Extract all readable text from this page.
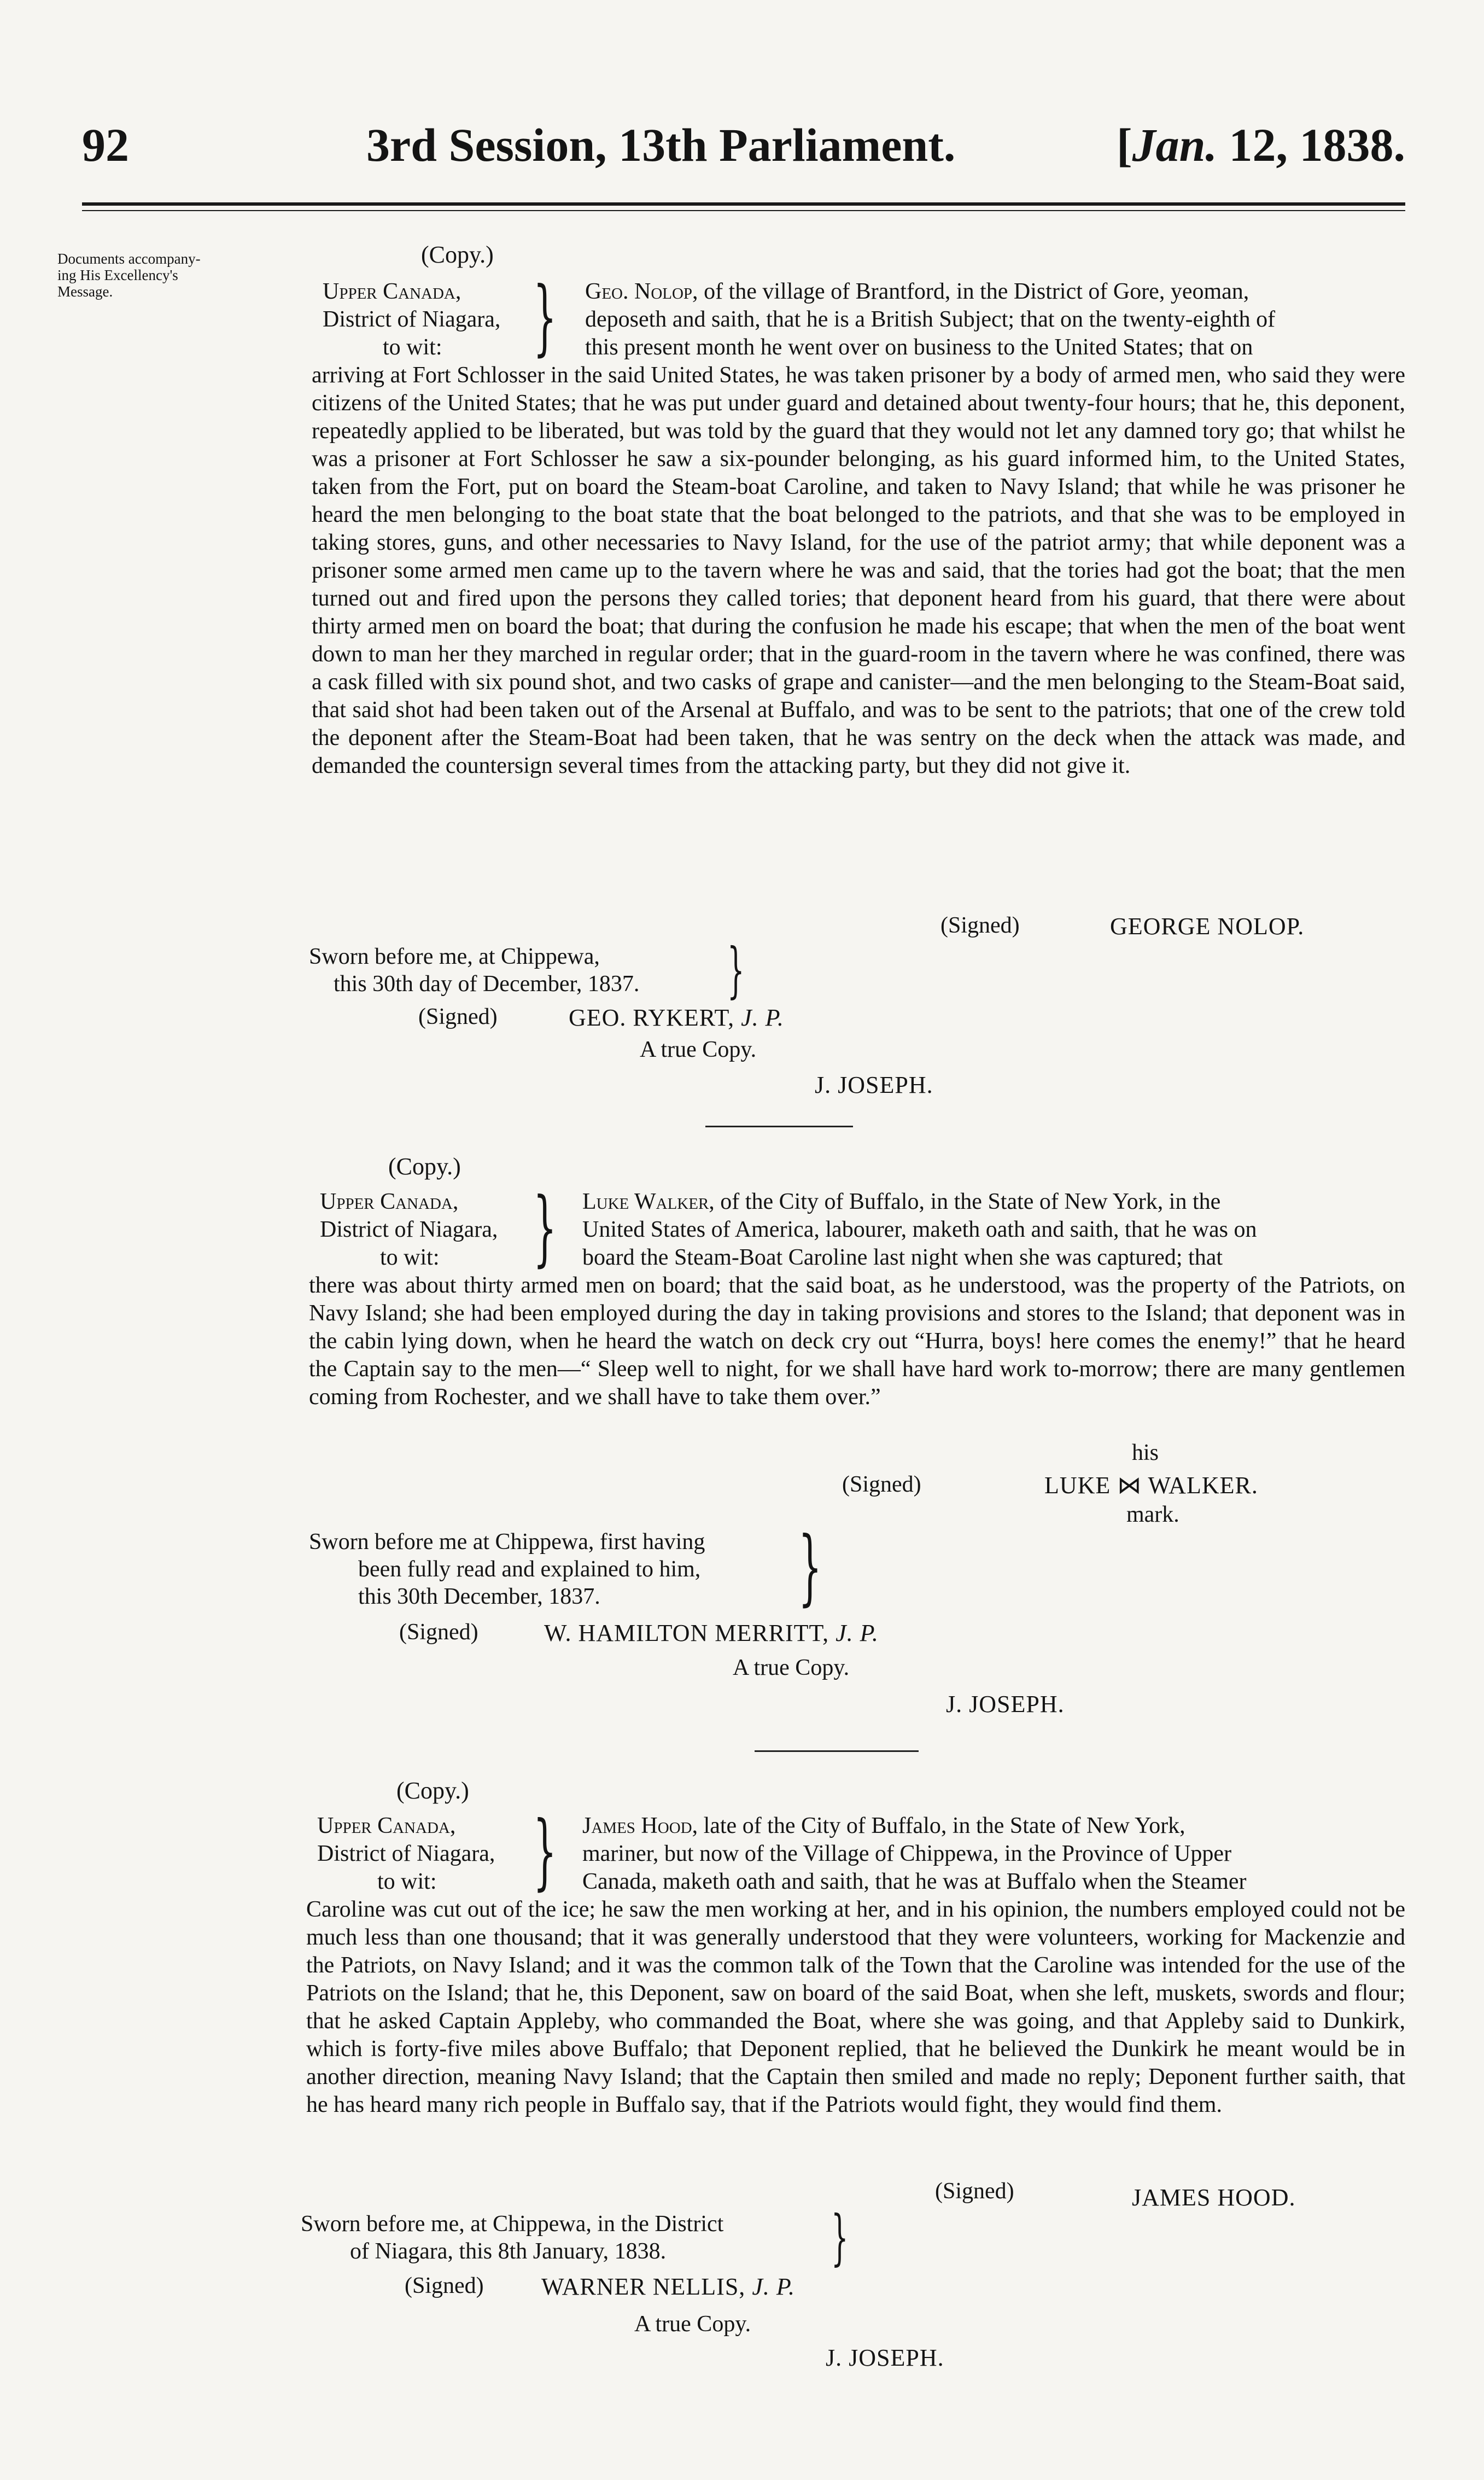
92	3rd Session, 13th Parliament.	[Jan. 12, 1838.
Documents accompany-
ing His Excellency's
Message.
(Copy.)
Upper Canada,
District of Niagara,
to wit:	} Geo. Nolop, of the village of Brantford, in the District of Gore, yeoman,
deposeth and saith, that he is a British Subject; that on the twenty-eighth of
this present month he went over on business to the United States; that on
arriving at Fort Schlosser in the said United States, he was taken prisoner by a body of armed men, who said they were citizens of the United States; that he was put under guard and detained about twenty-four hours; that he, this deponent, repeatedly applied to be liberated, but was told by the guard that they would not let any damned tory go; that whilst he was a prisoner at Fort Schlosser he saw a six-pounder belonging, as his guard informed him, to the United States, taken from the Fort, put on board the Steam-boat Caroline, and taken to Navy Island; that while he was prisoner he heard the men belonging to the boat state that the boat belonged to the patriots, and that she was to be employed in taking stores, guns, and other necessaries to Navy Island, for the use of the patriot army; that while deponent was a prisoner some armed men came up to the tavern where he was and said, that the tories had got the boat; that the men turned out and fired upon the persons they called tories; that deponent heard from his guard, that there were about thirty armed men on board the boat; that during the confusion he made his escape; that when the men of the boat went down to man her they marched in regular order; that in the guard-room in the tavern where he was confined, there was a cask filled with six pound shot, and two casks of grape and canister—and the men belonging to the Steam-Boat said, that said shot had been taken out of the Arsenal at Buffalo, and was to be sent to the patriots; that one of the crew told the deponent after the Steam-Boat had been taken, that he was sentry on the deck when the attack was made, and demanded the countersign several times from the attacking party, but they did not give it.
(Signed)	GEORGE NOLOP.
Sworn before me, at Chippewa,
this 30th day of December, 1837. }
(Signed)	GEO. RYKERT, J. P.
A true Copy.
J. JOSEPH.
(Copy.)
Upper Canada,
District of Niagara,
to wit:	} Luke Walker, of the City of Buffalo, in the State of New York, in the
United States of America, labourer, maketh oath and saith, that he was on
board the Steam-Boat Caroline last night when she was captured; that
there was about thirty armed men on board; that the said boat, as he understood, was the property of the Patriots, on Navy Island; she had been employed during the day in taking provisions and stores to the Island; that deponent was in the cabin lying down, when he heard the watch on deck cry out “Hurra, boys! here comes the enemy!” that he heard the Captain say to the men—“ Sleep well to night, for we shall have hard work to-morrow; there are many gentlemen coming from Rochester, and we shall have to take them over.”
his
(Signed)	LUKE ⋈ WALKER.
mark.
Sworn before me at Chippewa, first having
been fully read and explained to him,
this 30th December, 1837. }
(Signed)	W. HAMILTON MERRITT, J. P.
A true Copy.
J. JOSEPH.
(Copy.)
Upper Canada,
District of Niagara,
to wit:	} James Hood, late of the City of Buffalo, in the State of New York,
mariner, but now of the Village of Chippewa, in the Province of Upper
Canada, maketh oath and saith, that he was at Buffalo when the Steamer
Caroline was cut out of the ice; he saw the men working at her, and in his opinion, the numbers employed could not be much less than one thousand; that it was generally understood that they were volunteers, working for Mackenzie and the Patriots, on Navy Island; and it was the common talk of the Town that the Caroline was intended for the use of the Patriots on the Island; that he, this Deponent, saw on board of the said Boat, when she left, muskets, swords and flour; that he asked Captain Appleby, who commanded the Boat, where she was going, and that Appleby said to Dunkirk, which is forty-five miles above Buffalo; that Deponent replied, that he believed the Dunkirk he meant would be in another direction, meaning Navy Island; that the Captain then smiled and made no reply; Deponent further saith, that he has heard many rich people in Buffalo say, that if the Patriots would fight, they would find them.
(Signed)	JAMES HOOD.
Sworn before me, at Chippewa, in the District
of Niagara, this 8th January, 1838.	}
(Signed) WARNER NELLIS, J. P.
A true Copy.
J. JOSEPH.
